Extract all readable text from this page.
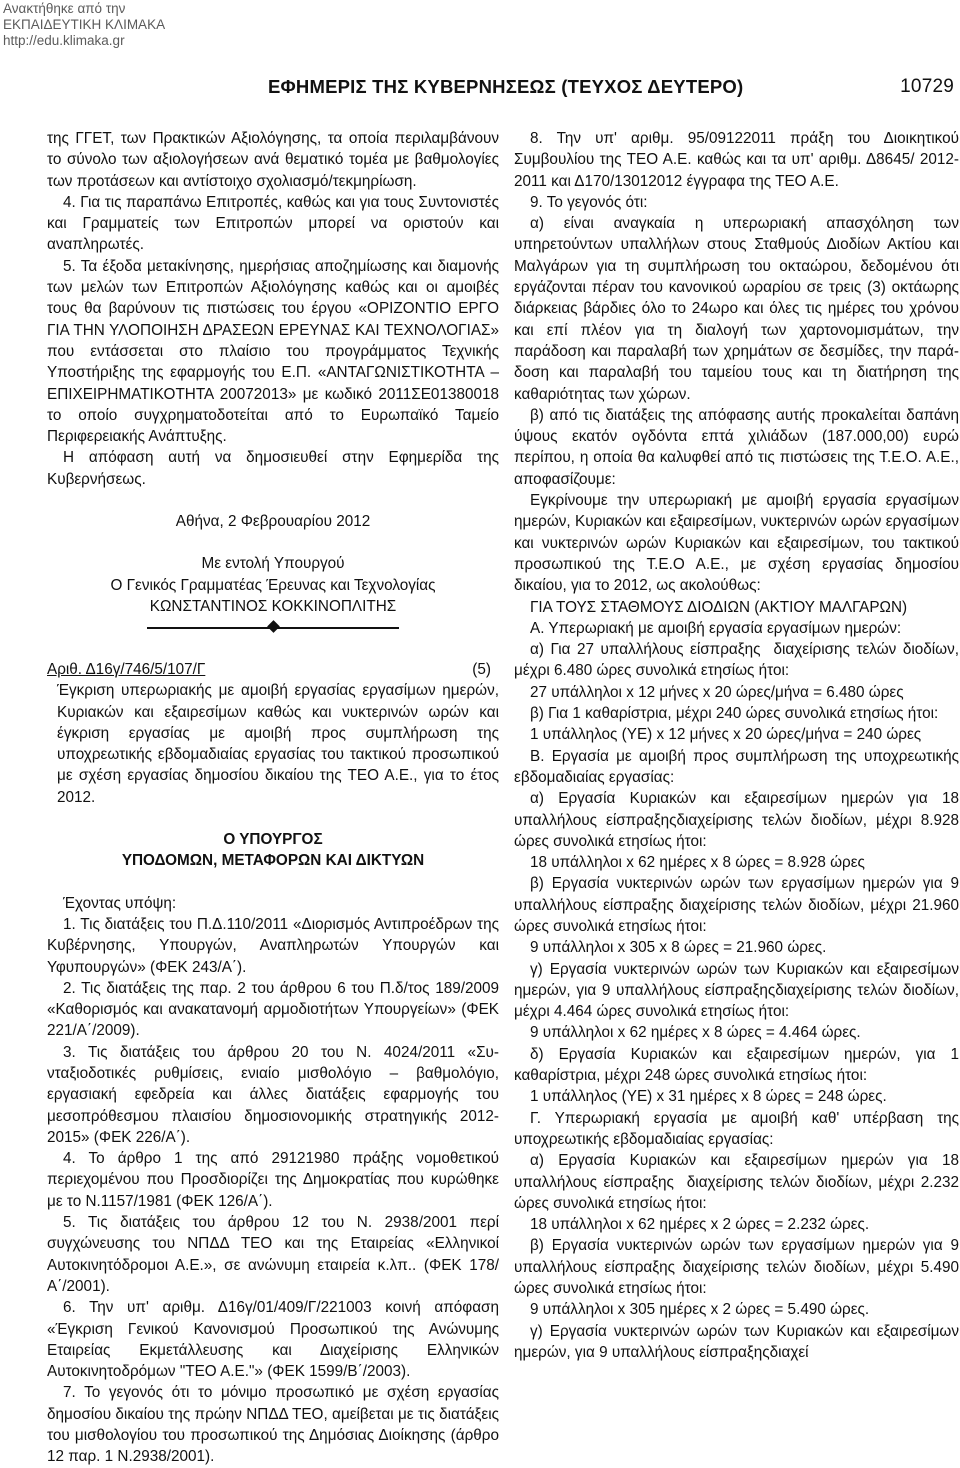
Ανακτήθηκε από την
ΕΚΠΑΙΔΕΥΤΙΚΗ ΚΛΙΜΑΚΑ
http://edu.klimaka.gr
ΕΦΗΜΕΡΙΣ ΤΗΣ ΚΥΒΕΡΝΗΣΕΩΣ (ΤΕΥΧΟΣ ΔΕΥΤΕΡΟ)	10729

της ΓΓΕΤ, των Πρακτικών Αξιολόγησης, τα οποία περιλαμβάνουν το σύνολο των αξιολογήσεων ανά θεματικό τομέα με βαθμολογίες των προτάσεων και αντίστοιχο σχολιασμό/τεκμηρίωση.

4. Για τις παραπάνω Επιτροπές, καθώς και για τους Συντονιστές και Γραμματείς των Επιτροπών μπορεί να οριστούν και αναπληρωτές.

5. Τα έξοδα μετακίνησης, ημερήσιας αποζημίωσης και διαμονής των μελών των Επιτροπών Αξιολόγησης καθώς και οι αμοιβές τους θα βαρύνουν τις πιστώσεις του έργου «ΟΡΙΖΟΝΤΙΟ ΕΡΓΟ ΓΙΑ ΤΗΝ ΥΛΟΠΟΙΗΣΗ ΔΡΑΣΕΩΝ ΕΡΕΥΝΑΣ ΚΑΙ ΤΕΧΝΟΛΟΓΙΑΣ» που εντάσσεται στο πλαίσιο του προγράμματος Τεχνικής Υποστήριξης της εφαρμογής του Ε.Π. «ΑΝΤΑΓΩΝΙΣΤΙΚΟΤΗΤΑ – ΕΠΙΧΕΙΡΗΜΑΤΙΚΟΤΗΤΑ 20072013» με κωδικό 2011ΣΕ01380018 το οποίο συγχρηματοδοτείται από το Ευρωπαϊκό Ταμείο Περιφερειακής Ανάπτυξης.

Η απόφαση αυτή να δημοσιευθεί στην Εφημερίδα της Κυβερνήσεως.

Αθήνα, 2 Φεβρουαρίου 2012

Με εντολή Υπουργού

Ο Γενικός Γραμματέας Έρευνας και Τεχνολογίας

ΚΩΝΣΤΑΝΤΙΝΟΣ ΚΟΚΚΙΝΟΠΛΙΤΗΣ

Αριθ. Δ16γ/746/5/107/Γ	(5)

Έγκριση υπερωριακής με αμοιβή εργασίας εργασίμων ημερών, Κυριακών και εξαιρεσίμων καθώς και νυκτερινών ωρών και έγκριση εργασίας με αμοιβή προς συμπλήρωση της υποχρεωτικής εβδομαδιαίας εργασίας του τακτικού προσωπικού με σχέση εργασίας δημοσίου δικαίου της ΤΕΟ Α.Ε., για το έτος 2012.

Ο ΥΠΟΥΡΓΟΣ

ΥΠΟΔΟΜΩΝ, ΜΕΤΑΦΟΡΩΝ ΚΑΙ ΔΙΚΤΥΩΝ

Έχοντας υπόψη:

1. Τις διατάξεις του Π.Δ.110/2011 «Διορισμός Αντιπροέδρων της Κυβέρνησης, Υπουργών, Αναπληρωτών Υπουργών και Υφυπουργών» (ΦΕΚ 243/Α΄).

2. Τις διατάξεις της παρ. 2 του άρθρου 6 του Π.δ/τος 189/2009 «Καθορισμός και ανακατανομή αρμοδιοτήτων Υπουργείων» (ΦΕΚ 221/Α΄/2009).

3. Τις διατάξεις του άρθρου 20 του Ν. 4024/2011 «Συνταξιοδοτικές ρυθμίσεις, ενιαίο μισθολόγιο – βαθμολόγιο, εργασιακή εφεδρεία και άλλες διατάξεις εφαρμογής του μεσοπρόθεσμου πλαισίου δημοσιονομικής στρατηγικής 20122015» (ΦΕΚ 226/Α΄).

4. Το άρθρο 1 της από 29121980 πράξης νομοθετικού περιεχομένου που Προσδιορίζει της Δημοκρατίας που κυρώθηκε με το Ν.1157/1981 (ΦΕΚ 126/Α΄).

5. Τις διατάξεις του άρθρου 12 του Ν. 2938/2001 περί συγχώνευσης του ΝΠΔΔ ΤΕΟ και της Εταιρείας «Ελληνικοί Αυτοκινητόδρομοι Α.Ε.», σε ανώνυμη εταιρεία κ.λπ.. (ΦΕΚ 178/Α΄/2001).

6. Την υπ' αριθμ. Δ16γ/01/409/Γ/221003 κοινή απόφαση «Έγκριση Γενικού Κανονισμού Προσωπικού της Ανώνυμης Εταιρείας Εκμετάλλευσης και Διαχείρισης Ελληνικών Αυτοκινητοδρόμων "ΤΕΟ Α.Ε."» (ΦΕΚ 1599/Β΄/2003).

7. Το γεγονός ότι το μόνιμο προσωπικό με σχέση εργασίας δημοσίου δικαίου της πρώην ΝΠΔΔ ΤΕΟ, αμείβεται με τις διατάξεις του μισθολογίου του προσωπικού της Δημόσιας Διοίκησης (άρθρο 12 παρ. 1 Ν.2938/2001).

8. Την υπ' αριθμ. 95/09122011 πράξη του Διοικητικού Συμβουλίου της ΤΕΟ Α.Ε. καθώς και τα υπ' αριθμ. Δ8645/ 20122011 και Δ170/13012012 έγγραφα της ΤΕΟ Α.Ε.

9. Το γεγονός ότι:

α) είναι αναγκαία η υπερωριακή απασχόληση των υπηρετούντων υπαλλήλων στους Σταθμούς Διοδίων Ακτίου και Μαλγάρων για τη συμπλήρωση του οκταώρου, δεδομένου ότι εργάζονται πέραν του κανονικού ωραρίου σε τρεις (3) οκτάωρης διάρκειας βάρδιες όλο το 24ωρο και όλες τις ημέρες του χρόνου και επί πλέον για τη διαλογή των χαρτονομισμάτων, την παράδοση και παραλαβή των χρημάτων σε δεσμίδες, την παράδοση και παραλαβή του ταμείου τους και τη διατήρηση της καθαριότητας των χώρων.

β) από τις διατάξεις της απόφασης αυτής προκαλείται δαπάνη ύψους εκατόν ογδόντα επτά χιλιάδων (187.000,00) ευρώ περίπου, η οποία θα καλυφθεί από τις πιστώσεις της Τ.Ε.Ο. Α.Ε., αποφασίζουμε:

Εγκρίνουμε την υπερωριακή με αμοιβή εργασία εργασίμων ημερών, Κυριακών και εξαιρεσίμων, νυκτερινών ωρών εργασίμων και νυκτερινών ωρών Κυριακών και εξαιρεσίμων, του τακτικού προσωπικού της Τ.Ε.Ο Α.Ε., με σχέση εργασίας δημοσίου δικαίου, για το 2012, ως ακολούθως:

ΓΙΑ ΤΟΥΣ ΣΤΑΘΜΟΥΣ ΔΙΟΔΙΩΝ (ΑΚΤΙΟΥ ΜΑΛΓΑΡΩΝ)

Α. Υπερωριακή με αμοιβή εργασία εργασίμων ημερών:

α) Για 27 υπαλλήλους είσπραξης διαχείρισης τελών διοδίων, μέχρι 6.480 ώρες συνολικά ετησίως ήτοι:

27 υπάλληλοι x 12 μήνες x 20 ώρες/μήνα = 6.480 ώρες

β) Για 1 καθαρίστρια, μέχρι 240 ώρες συνολικά ετησίως ήτοι:

1 υπάλληλος (ΥΕ) x 12 μήνες x 20 ώρες/μήνα = 240 ώρες

Β. Εργασία με αμοιβή προς συμπλήρωση της υποχρεωτικής εβδομαδιαίας εργασίας:

α) Εργασία Κυριακών και εξαιρεσίμων ημερών για 18 υπαλλήλους είσπραξηςδιαχείρισης τελών διοδίων, μέχρι 8.928 ώρες συνολικά ετησίως ήτοι:

18 υπάλληλοι x 62 ημέρες x 8 ώρες = 8.928 ώρες

β) Εργασία νυκτερινών ωρών των εργασίμων ημερών για 9 υπαλλήλους είσπραξης διαχείρισης τελών διοδίων, μέχρι 21.960 ώρες συνολικά ετησίως ήτοι:

9 υπάλληλοι x 305 x 8 ώρες = 21.960 ώρες.

γ) Εργασία νυκτερινών ωρών των Κυριακών και εξαιρεσίμων ημερών, για 9 υπαλλήλους είσπραξηςδιαχείρισης τελών διοδίων, μέχρι 4.464 ώρες συνολικά ετησίως ήτοι:

9 υπάλληλοι x 62 ημέρες x 8 ώρες = 4.464 ώρες.

δ) Εργασία Κυριακών και εξαιρεσίμων ημερών, για 1 καθαρίστρια, μέχρι 248 ώρες συνολικά ετησίως ήτοι:

1 υπάλληλος (ΥΕ) x 31 ημέρες x 8 ώρες = 248 ώρες.

Γ. Υπερωριακή εργασία με αμοιβή καθ' υπέρβαση της υποχρεωτικής εβδομαδιαίας εργασίας:

α) Εργασία Κυριακών και εξαιρεσίμων ημερών για 18 υπαλλήλους είσπραξης διαχείρισης τελών διοδίων, μέχρι 2.232 ώρες συνολικά ετησίως ήτοι:

18 υπάλληλοι x 62 ημέρες x 2 ώρες = 2.232 ώρες.

β) Εργασία νυκτερινών ωρών των εργασίμων ημερών για 9 υπαλλήλους είσπραξης διαχείρισης τελών διοδίων, μέχρι 5.490 ώρες συνολικά ετησίως ήτοι:

9 υπάλληλοι x 305 ημέρες x 2 ώρες = 5.490 ώρες.

γ) Εργασία νυκτερινών ωρών των Κυριακών και εξαιρεσίμων ημερών, για 9 υπαλλήλους είσπραξηςδιαχεί
